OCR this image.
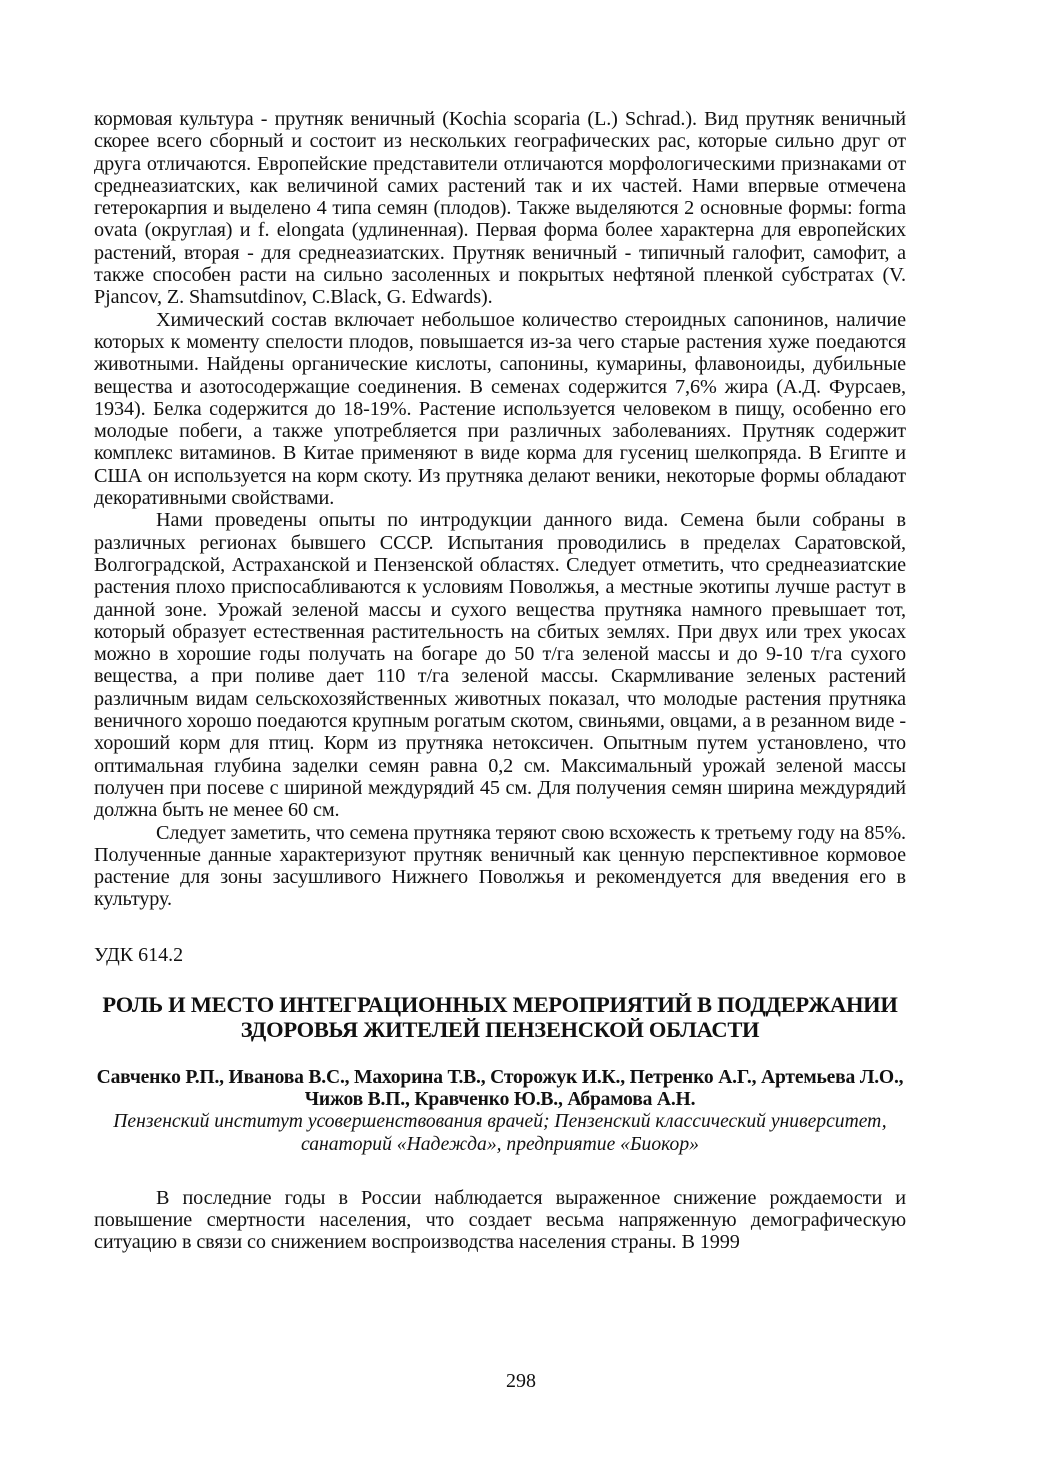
кормовая культура - прутняк веничный (Kochia scoparia (L.) Schrad.). Вид прутняк веничный скорее всего сборный и состоит из нескольких географических рас, которые сильно друг от друга отличаются. Европейские представители отличаются морфологическими признаками от среднеазиатских, как величиной самих растений так и их частей. Нами впервые отмечена гетерокарпия и выделено 4 типа семян (плодов). Также выделяются 2 основные формы: forma ovata (округлая) и f. elongata (удлиненная). Первая форма более характерна для европейских растений, вторая - для среднеазиатских. Прутняк веничный - типичный галофит, самофит, а также способен расти на сильно засоленных и покрытых нефтяной пленкой субстратах (V. Pjancov, Z. Shamsutdinov, C.Black, G. Edwards).

Химический состав включает небольшое количество стероидных сапонинов, наличие которых к моменту спелости плодов, повышается из-за чего старые растения хуже поедаются животными. Найдены органические кислоты, сапонины, кумарины, флавоноиды, дубильные вещества и азотосодержащие соединения. В семенах содержится 7,6% жира (А.Д. Фурсаев, 1934). Белка содержится до 18-19%. Растение используется человеком в пищу, особенно его молодые побеги, а также употребляется при различных заболеваниях. Прутняк содержит комплекс витаминов. В Китае применяют в виде корма для гусениц шелкопряда. В Египте и США он используется на корм скоту. Из прутняка делают веники, некоторые формы обладают декоративными свойствами.

Нами проведены опыты по интродукции данного вида. Семена были собраны в различных регионах бывшего СССР. Испытания проводились в пределах Саратовской, Волгоградской, Астраханской и Пензенской областях. Следует отметить, что среднеазиатские растения плохо приспосабливаются к условиям Поволжья, а местные экотипы лучше растут в данной зоне. Урожай зеленой массы и сухого вещества прутняка намного превышает тот, который образует естественная растительность на сбитых землях. При двух или трех укосах можно в хорошие годы получать на богаре до 50 т/га зеленой массы и до 9-10 т/га сухого вещества, а при поливе дает 110 т/га зеленой массы. Скармливание зеленых растений различным видам сельскохозяйственных животных показал, что молодые растения прутняка веничного хорошо поедаются крупным рогатым скотом, свиньями, овцами, а в резанном виде - хороший корм для птиц. Корм из прутняка нетоксичен. Опытным путем установлено, что оптимальная глубина заделки семян равна 0,2 см. Максимальный урожай зеленой массы получен при посеве с шириной междурядий 45 см. Для получения семян ширина междурядий должна быть не менее 60 см.

Следует заметить, что семена прутняка теряют свою всхожесть к третьему году на 85%. Полученные данные характеризуют прутняк веничный как ценную перспективное кормовое растение для зоны засушливого Нижнего Поволжья и рекомендуется для введения его в культуру.

УДК 614.2

РОЛЬ И МЕСТО ИНТЕГРАЦИОННЫХ МЕРОПРИЯТИЙ В ПОДДЕРЖАНИИ ЗДОРОВЬЯ ЖИТЕЛЕЙ ПЕНЗЕНСКОЙ ОБЛАСТИ

Савченко Р.П., Иванова В.С., Махорина Т.В., Сторожук И.К., Петренко А.Г., Артемьева Л.О., Чижов В.П., Кравченко Ю.В., Абрамова А.Н.

Пензенский институт усовершенствования врачей; Пензенский классический университет, санаторий «Надежда», предприятие «Биокор»

В последние годы в России наблюдается выраженное снижение рождаемости и повышение смертности населения, что создает весьма напряженную демографическую ситуацию в связи со снижением воспроизводства населения страны. В 1999

298
